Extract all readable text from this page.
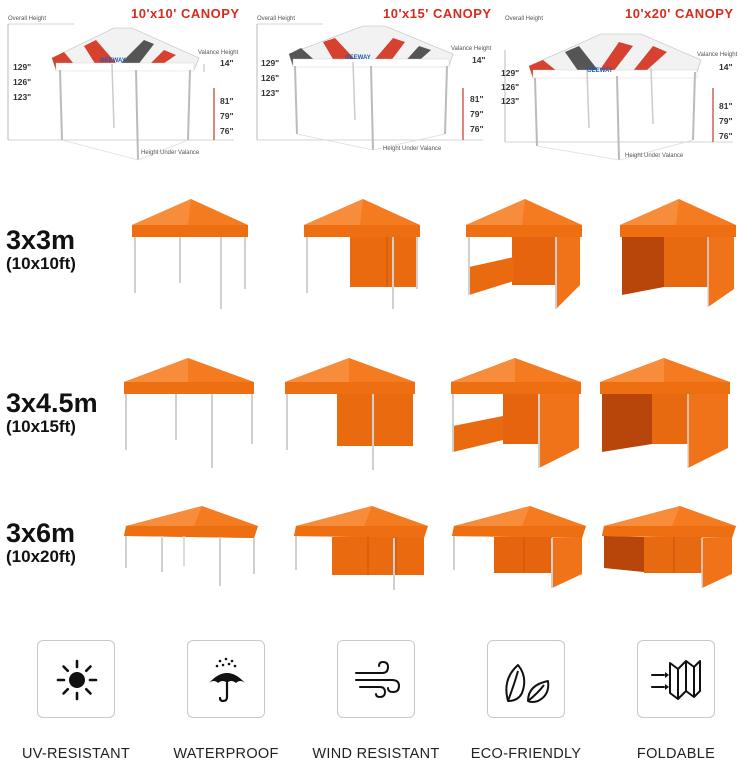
10'x10' CANOPY
Overall Height
Valance Height
Height Under Valance
GEEWAY
129"
126"
123"
14"
81"
79"
76"
10'x15' CANOPY
Overall Height
Valance Height
Height Under Valance
GEEWAY
129"
126"
123"
14"
81"
79"
76"
10'x20' CANOPY
Overall Height
Valance Height
Height Under Valance
GEEWAY
129"
126"
123"
14"
81"
79"
76"
3x3m
(10x10ft)
3x4.5m
(10x15ft)
3x6m
(10x20ft)
UV-RESISTANT	WATERPROOF	WIND RESISTANT	ECO-FRIENDLY	FOLDABLE
